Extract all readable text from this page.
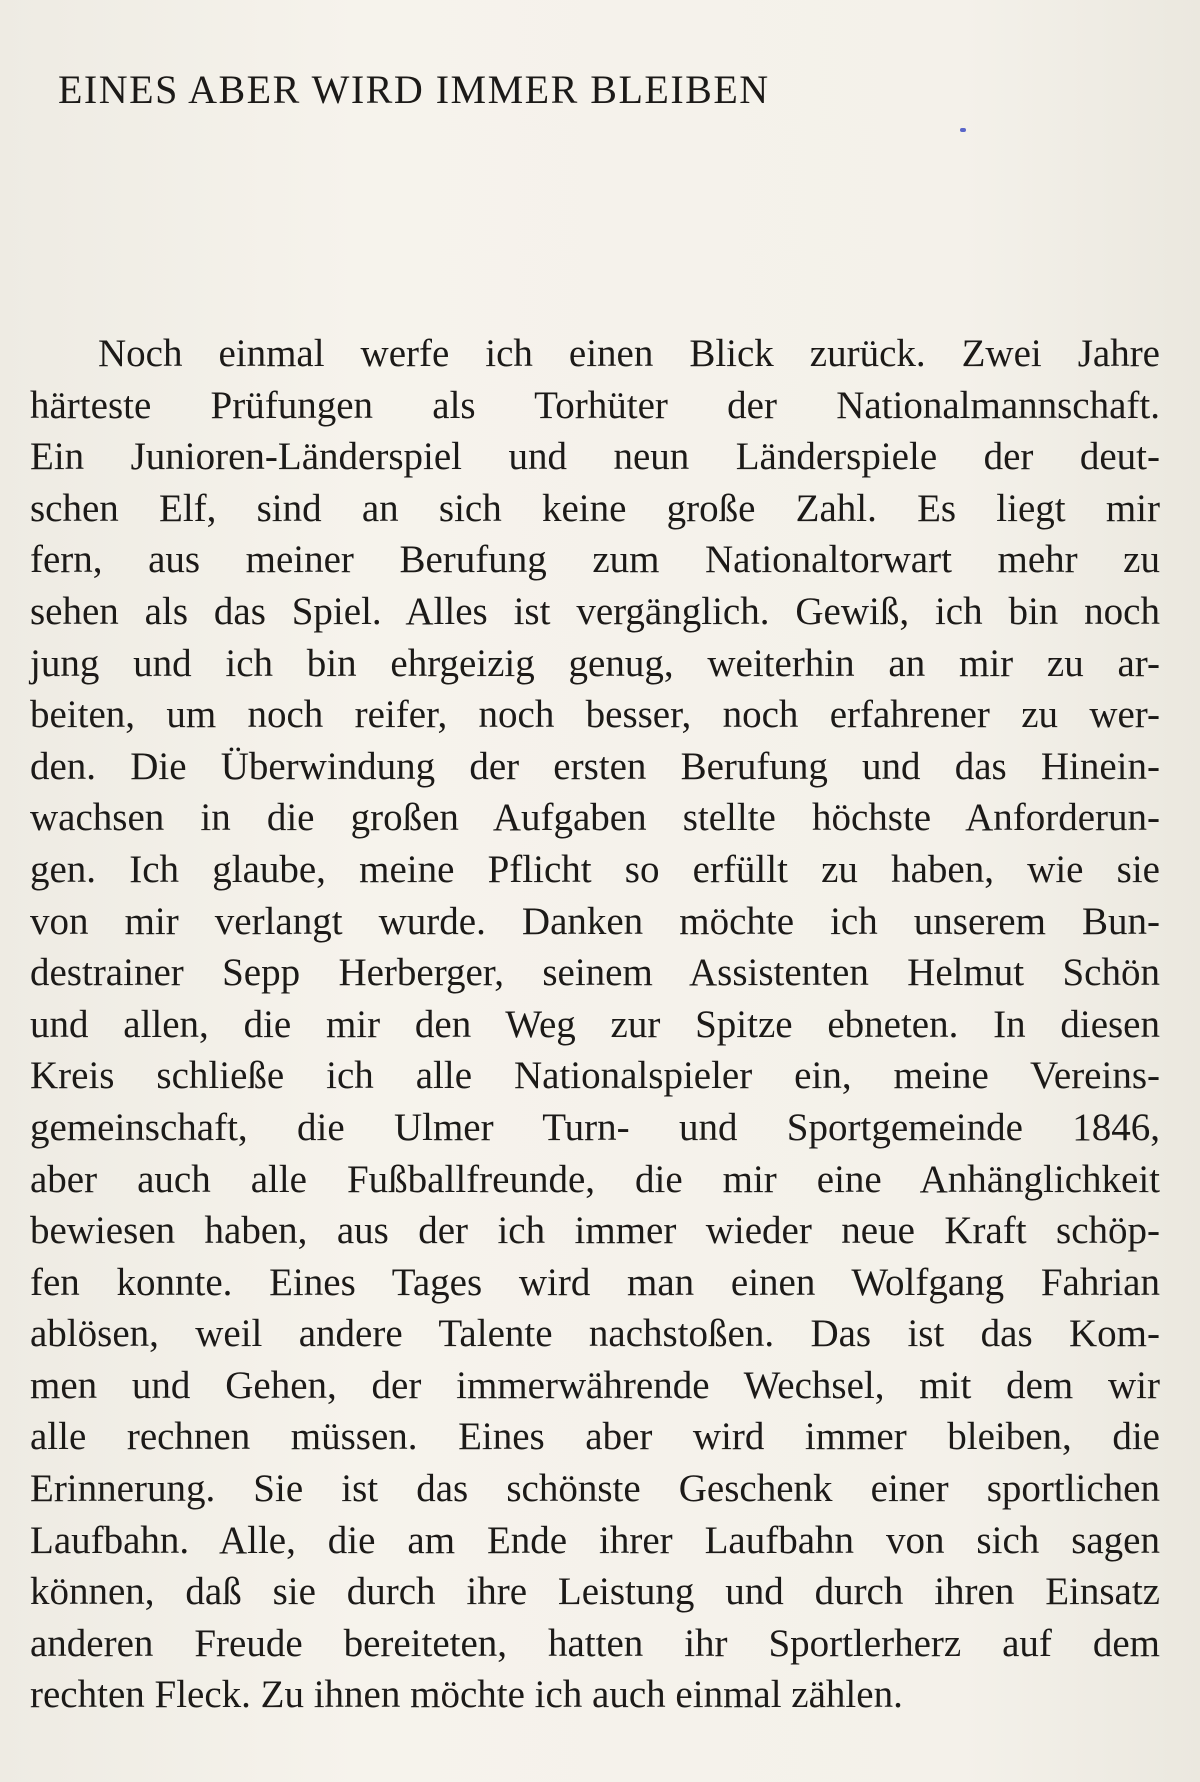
EINES ABER WIRD IMMER BLEIBEN
Noch einmal werfe ich einen Blick zurück. Zwei Jahre
härteste Prüfungen als Torhüter der Nationalmannschaft.
Ein Junioren-Länderspiel und neun Länderspiele der deut-
schen Elf, sind an sich keine große Zahl. Es liegt mir
fern, aus meiner Berufung zum Nationaltorwart mehr zu
sehen als das Spiel. Alles ist vergänglich. Gewiß, ich bin noch
jung und ich bin ehrgeizig genug, weiterhin an mir zu ar-
beiten, um noch reifer, noch besser, noch erfahrener zu wer-
den. Die Überwindung der ersten Berufung und das Hinein-
wachsen in die großen Aufgaben stellte höchste Anforderun-
gen. Ich glaube, meine Pflicht so erfüllt zu haben, wie sie
von mir verlangt wurde. Danken möchte ich unserem Bun-
destrainer Sepp Herberger, seinem Assistenten Helmut Schön
und allen, die mir den Weg zur Spitze ebneten. In diesen
Kreis schließe ich alle Nationalspieler ein, meine Vereins-
gemeinschaft, die Ulmer Turn- und Sportgemeinde 1846,
aber auch alle Fußballfreunde, die mir eine Anhänglichkeit
bewiesen haben, aus der ich immer wieder neue Kraft schöp-
fen konnte. Eines Tages wird man einen Wolfgang Fahrian
ablösen, weil andere Talente nachstoßen. Das ist das Kom-
men und Gehen, der immerwährende Wechsel, mit dem wir
alle rechnen müssen. Eines aber wird immer bleiben, die
Erinnerung. Sie ist das schönste Geschenk einer sportlichen
Laufbahn. Alle, die am Ende ihrer Laufbahn von sich sagen
können, daß sie durch ihre Leistung und durch ihren Einsatz
anderen Freude bereiteten, hatten ihr Sportlerherz auf dem
rechten Fleck. Zu ihnen möchte ich auch einmal zählen.
